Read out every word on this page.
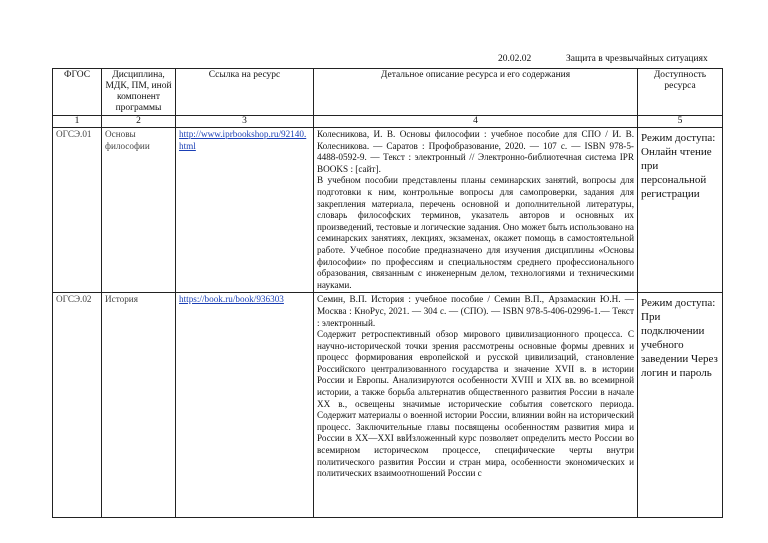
20.02.02	Защита в чрезвычайных ситуациях
ФГОС	Дисциплина, МДК, ПМ, иной компонент программы	Ссылка на ресурс	Детальное описание ресурса и его содержания	Доступность ресурса
1	2	3	4	5
ОГСЭ.01	Основы философии	http://www.iprbookshop.ru/92140.html	Колесникова, И. В. Основы философии : учебное пособие для СПО / И. В. Колесникова. — Саратов : Профобразование, 2020. — 107 c. — ISBN 978-5-4488-0592-9. — Текст : электронный // Электронно-библиотечная система IPR BOOKS : [сайт].

В учебном пособии представлены планы семинарских занятий, вопросы для подготовки к ним, контрольные вопросы для самопроверки, задания для закрепления материала, перечень основной и дополнительной литературы, словарь философских терминов, указатель авторов и основных их произведений, тестовые и логические задания. Оно может быть использовано на семинарских занятиях, лекциях, экзаменах, окажет помощь в самостоятельной работе. Учебное пособие предназначено для изучения дисциплины «Основы философии» по профессиям и специальностям среднего профессионального образования, связанным с инженерным делом, технологиями и техническими науками.	Режим доступа: Онлайн чтение при персональной регистрации
ОГСЭ.02	История	https://book.ru/book/936303	Семин, В.П. История : учебное пособие / Семин В.П., Арзамаскин Ю.Н. — Москва : КноРус, 2021. — 304 с. — (СПО). — ISBN 978-5-406-02996-1.— Текст : электронный.

Содержит ретроспективный обзор мирового цивилизационного процесса. С научно-исторической точки зрения рассмотрены основные формы древних и процесс формирования европейской и русской цивилизаций, становление Российского централизованного государства и значение XVII в. в истории России и Европы. Анализируются особенности XVIII и XIX вв. во всемирной истории, а также борьба альтернатив общественного развития России в начале XX в., освещены значимые исторические события советского периода. Содержит материалы о военной истории России, влиянии войн на исторический процесс. Заключительные главы посвящены особенностям развития мира и России в XX—XXI ввИзложенный курс позволяет определить место России во всемирном историческом процессе, специфические черты внутри политического развития России и стран мира, особенности экономических и политических взаимоотношений России с	Режим доступа: При подключении учебного заведении Через логин и пароль
